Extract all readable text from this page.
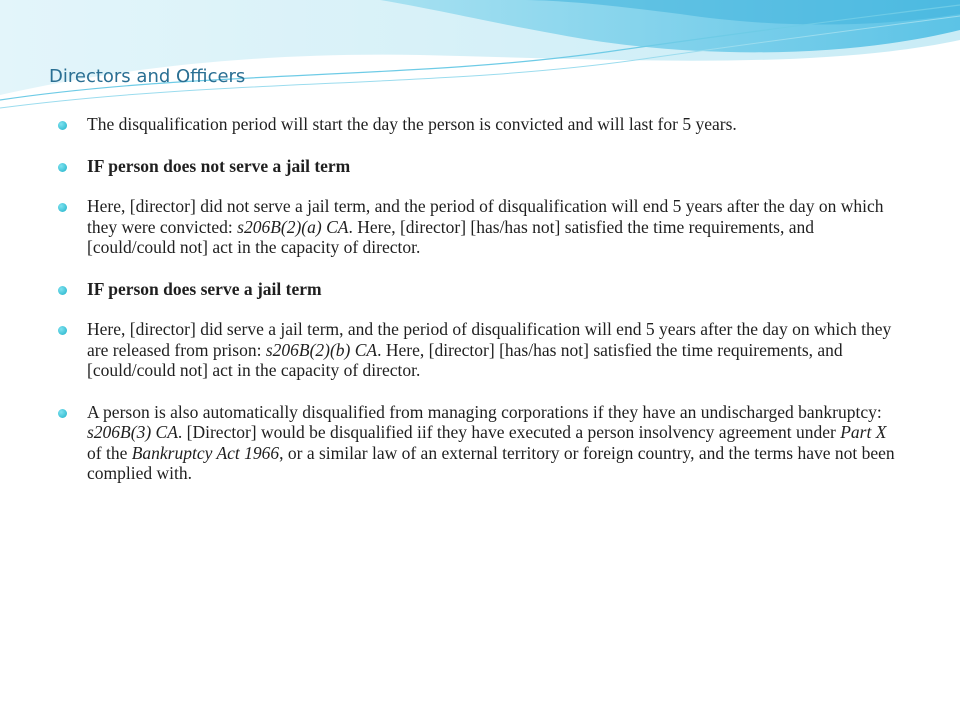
Directors and Officers
The disqualification period will start the day the person is convicted and will last for 5 years.
IF person does not serve a jail term
Here, [director] did not serve a jail term, and the period of disqualification will end 5 years after the day on which they were convicted: s206B(2)(a) CA. Here, [director] [has/has not] satisfied the time requirements, and [could/could not] act in the capacity of director.
IF person does serve a jail term
Here, [director] did serve a jail term, and the period of disqualification will end 5 years after the day on which they are released from prison: s206B(2)(b) CA. Here, [director] [has/has not] satisfied the time requirements, and [could/could not] act in the capacity of director.
A person is also automatically disqualified from managing corporations if they have an undischarged bankruptcy: s206B(3) CA. [Director] would be disqualified iif they have executed a person insolvency agreement under Part X of the Bankruptcy Act 1966, or a similar law of an external territory or foreign country, and the terms have not been complied with.
